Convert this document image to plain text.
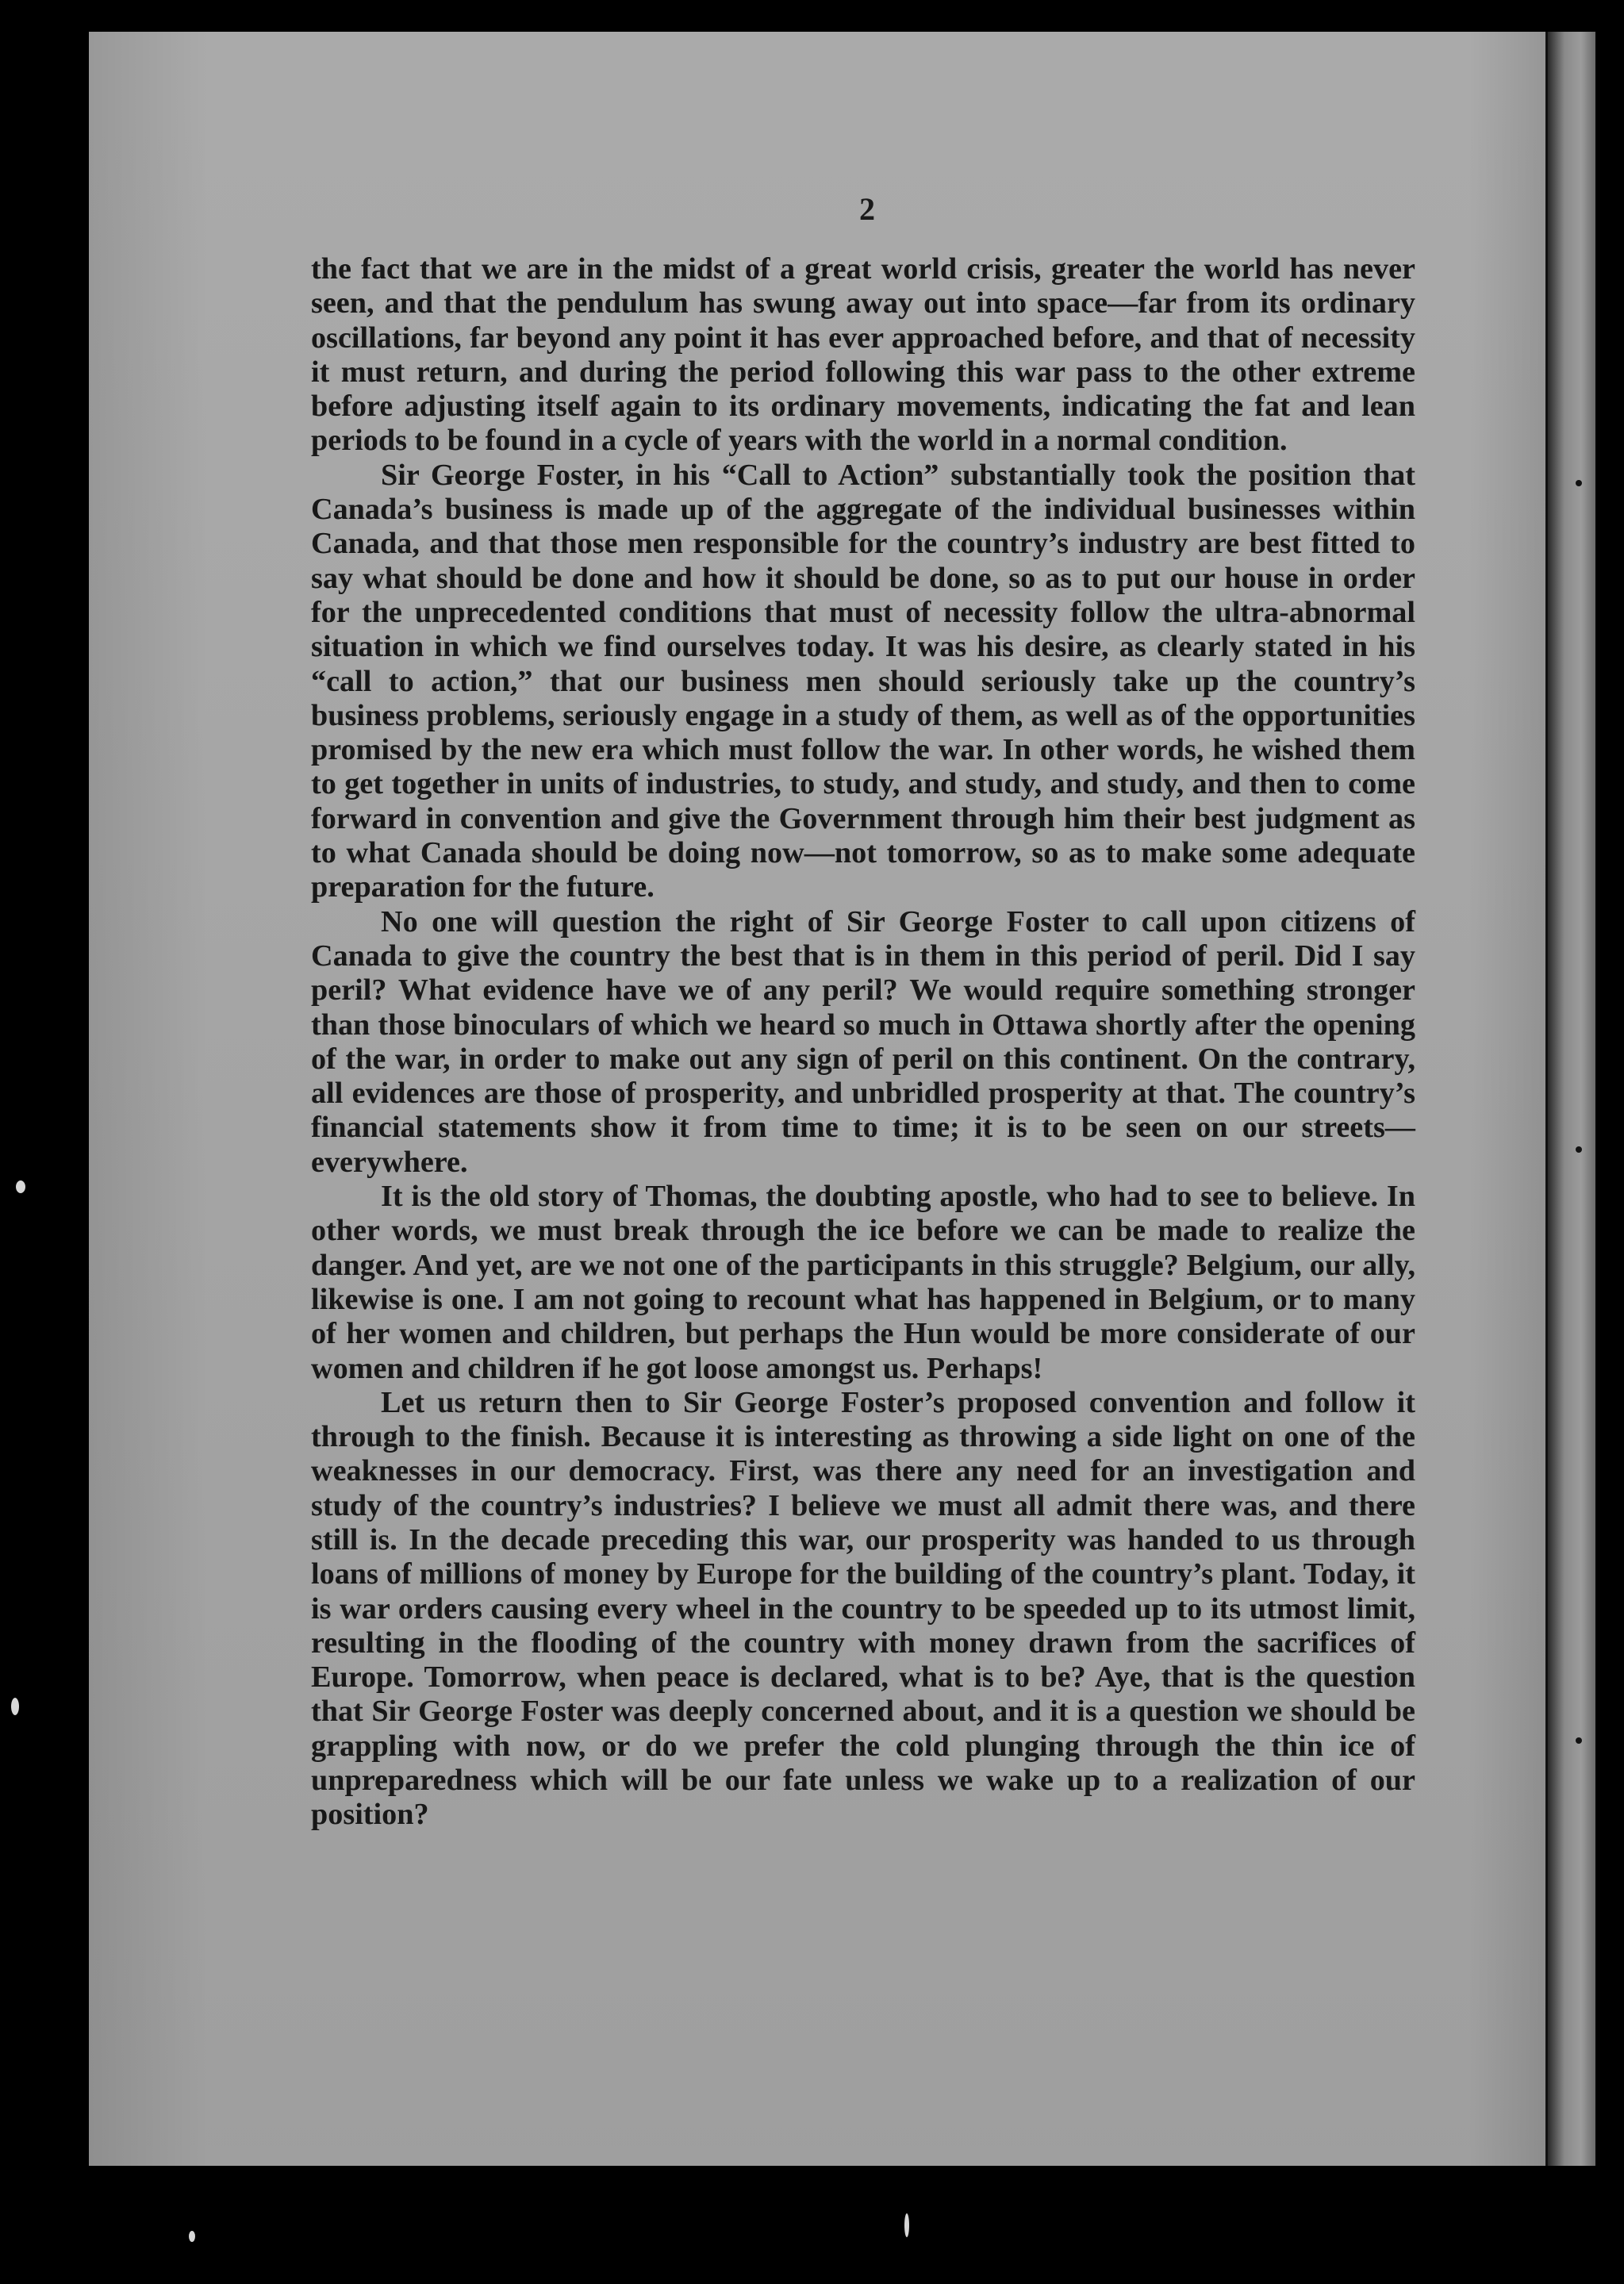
2

the fact that we are in the midst of a great world crisis, greater the world has never seen, and that the pendulum has swung away out into space—far from its ordinary oscillations, far beyond any point it has ever approached before, and that of necessity it must return, and during the period following this war pass to the other extreme before adjusting itself again to its ordinary movements, indicating the fat and lean periods to be found in a cycle of years with the world in a normal condition.

Sir George Foster, in his “Call to Action” substantially took the position that Canada’s business is made up of the aggregate of the individual businesses within Canada, and that those men responsible for the country’s industry are best fitted to say what should be done and how it should be done, so as to put our house in order for the unprecedented conditions that must of necessity follow the ultra-abnormal situation in which we find ourselves today. It was his desire, as clearly stated in his “call to action,” that our business men should seriously take up the country’s business problems, seriously engage in a study of them, as well as of the opportunities promised by the new era which must follow the war. In other words, he wished them to get together in units of industries, to study, and study, and study, and then to come forward in convention and give the Government through him their best judgment as to what Canada should be doing now—not tomorrow, so as to make some adequate preparation for the future.

No one will question the right of Sir George Foster to call upon citizens of Canada to give the country the best that is in them in this period of peril. Did I say peril? What evidence have we of any peril? We would require something stronger than those binoculars of which we heard so much in Ottawa shortly after the opening of the war, in order to make out any sign of peril on this continent. On the contrary, all evidences are those of prosperity, and unbridled prosperity at that. The country’s financial statements show it from time to time; it is to be seen on our streets—everywhere.

It is the old story of Thomas, the doubting apostle, who had to see to believe. In other words, we must break through the ice before we can be made to realize the danger. And yet, are we not one of the participants in this struggle? Belgium, our ally, likewise is one. I am not going to recount what has happened in Belgium, or to many of her women and children, but perhaps the Hun would be more considerate of our women and children if he got loose amongst us. Perhaps!

Let us return then to Sir George Foster’s proposed convention and follow it through to the finish. Because it is interesting as throwing a side light on one of the weaknesses in our democracy. First, was there any need for an investigation and study of the country’s industries? I believe we must all admit there was, and there still is. In the decade preceding this war, our prosperity was handed to us through loans of millions of money by Europe for the building of the country’s plant. Today, it is war orders causing every wheel in the country to be speeded up to its utmost limit, resulting in the flooding of the country with money drawn from the sacrifices of Europe. Tomorrow, when peace is declared, what is to be? Aye, that is the question that Sir George Foster was deeply concerned about, and it is a question we should be grappling with now, or do we prefer the cold plunging through the thin ice of unpreparedness which will be our fate unless we wake up to a realization of our position?
